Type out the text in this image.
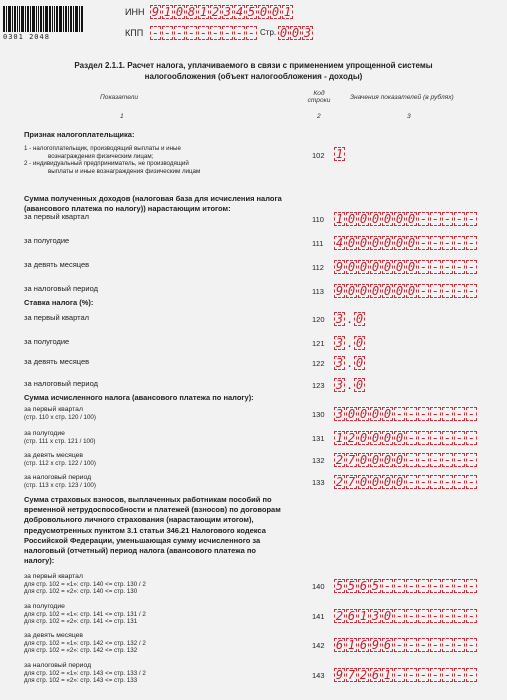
0301 2048
ИНН 9 1 0 8 1 2 3 4 5 0 0 1
КПП - - - - - - - - - Стр. 0 0 3
Раздел 2.1.1. Расчет налога, уплачиваемого в связи с применением упрощенной системы
налогообложения (объект налогообложения - доходы)
Показатели
Код
строки	Значения показателей (в рублях)
1	2	3
Признак налогоплательщика:
1 - налогоплательщик, производящий выплаты и иные
вознаграждения физическим лицам;
2 - индивидуальный предприниматель, не производящий
выплаты и иные вознаграждения физическим лицам
102 1
Сумма полученных доходов (налоговая база для исчисления налога
(авансового платежа по налогу)) нарастающим итогом:
за первый квартал	110 1 0 0 0 0 0 0 - - - - -
за полугодие	111 4 0 0 0 0 0 0 - - - - -
за девять месяцев	112 9 0 0 0 0 0 0 - - - - -
за налоговый период	113 9 0 0 0 0 0 0 - - - - -
Ставка налога (%):
за первый квартал	120 3 . 0
за полугодие	121 3 . 0
за девять месяцев	122 3 . 0
за налоговый период	123 3 . 0
Сумма исчисленного налога (авансового платежа по налогу):
за первый квартал
(стр. 110 х стр. 120 / 100)	130 3 0 0 0 0 - - - - - - -
за полугодие
(стр. 111 х стр. 121 / 100)	131 1 2 0 0 0 0 - - - - - -
за девять месяцев
(стр. 112 х стр. 122 / 100)	132 2 7 0 0 0 0 - - - - - -
за налоговый период
(стр. 113 х стр. 123 / 100)	133 2 7 0 0 0 0 - - - - - -
Сумма страховых взносов, выплаченных работникам пособий по
временной нетрудоспособности и платежей (взносов) по договорам
добровольного личного страхования (нарастающим итогом),
предусмотренных пунктом 3.1 статьи 346.21 Налогового кодекса
Российской Федерации, уменьшающая сумму исчисленного за
налоговый (отчетный) период налога (авансового платежа по
налогу):
за первый квартал
для стр. 102 = «1»: стр. 140 <= стр. 130 / 2
для стр. 102 = «2»: стр. 140 <= стр. 130
140 5 5 6 5 - - - - - - - -
за полугодие
для стр. 102 = «1»: стр. 141 <= стр. 131 / 2
для стр. 102 = «2»: стр. 141 <= стр. 131
141 2 6 1 3 0 - - - - - - -
за девять месяцев
для стр. 102 = «1»: стр. 142 <= стр. 132 / 2
для стр. 102 = «2»: стр. 142 <= стр. 132
142 6 1 6 9 6 - - - - - - -
за налоговый период
для стр. 102 = «1»: стр. 143 <= стр. 133 / 2
для стр. 102 = «2»: стр. 143 <= стр. 133
143 9 7 2 6 1 - - - - - - -
